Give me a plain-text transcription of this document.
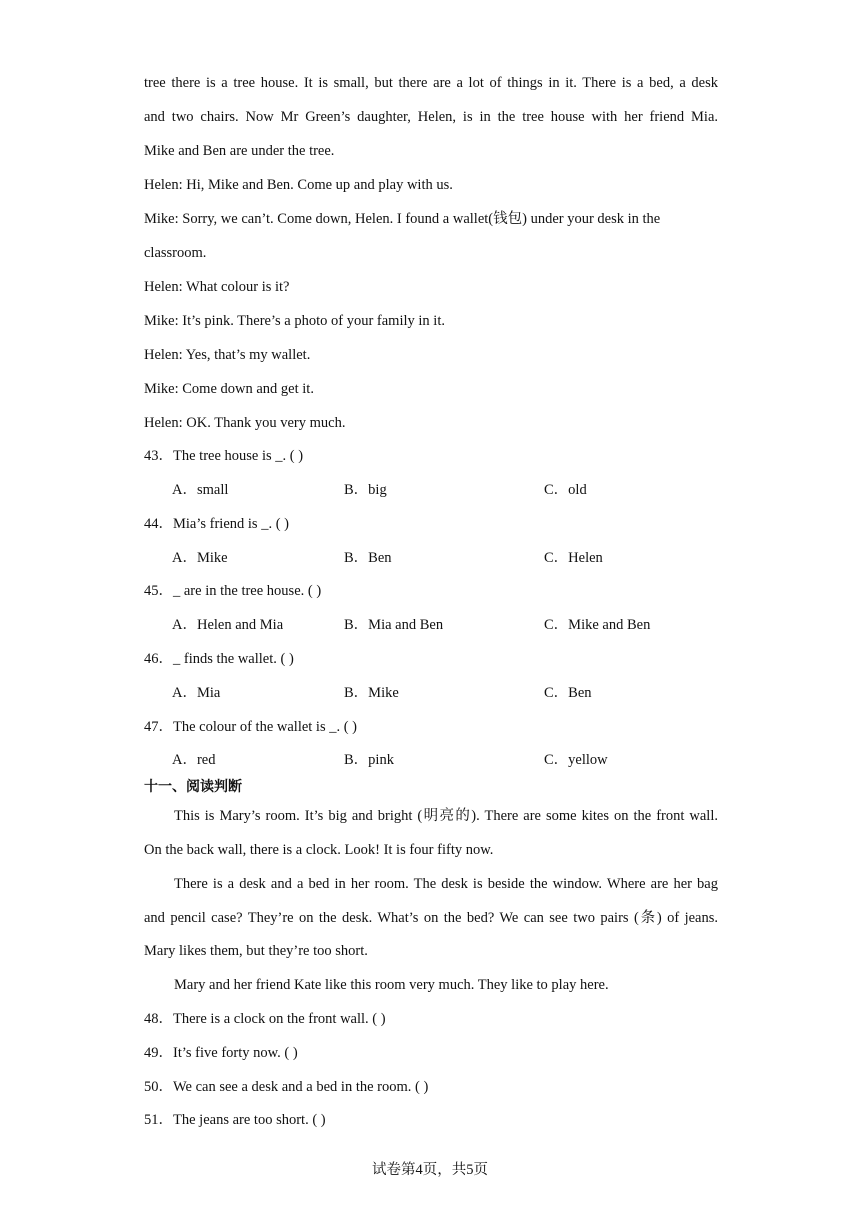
tree there is a tree house. It is small, but there are a lot of things in it. There is a bed, a desk
and two chairs. Now Mr Green’s daughter, Helen, is in the tree house with her friend Mia.
Mike and Ben are under the tree.
Helen: Hi, Mike and Ben. Come up and play with us.
Mike: Sorry, we can’t. Come down, Helen. I found a wallet(钱包) under your desk in the
classroom.
Helen: What colour is it?
Mike: It’s pink. There’s a photo of your family in it.
Helen: Yes, that’s my wallet.
Mike: Come down and get it.
Helen: OK. Thank you very much.
43．The tree house is _. ( )
A．small	B．big	C．old
44．Mia’s friend is _. ( )
A．Mike	B．Ben	C．Helen
45．_ are in the tree house. ( )
A．Helen and Mia	B．Mia and Ben	C．Mike and Ben
46．_ finds the wallet. ( )
A．Mia	B．Mike	C．Ben
47．The colour of the wallet is _. ( )
A．red	B．pink	C．yellow
十一、阅读判断
This is Mary’s room. It’s big and bright (明亮的). There are some kites on the front wall.
On the back wall, there is a clock. Look! It is four fifty now.
There is a desk and a bed in her room. The desk is beside the window. Where are her bag
and pencil case? They’re on the desk. What’s on the bed? We can see two pairs (条) of jeans.
Mary likes them, but they’re too short.
Mary and her friend Kate like this room very much. They like to play here.
48．There is a clock on the front wall. ( )
49．It’s five forty now. ( )
50．We can see a desk and a bed in the room. ( )
51．The jeans are too short. ( )
试卷第4页，共5页
